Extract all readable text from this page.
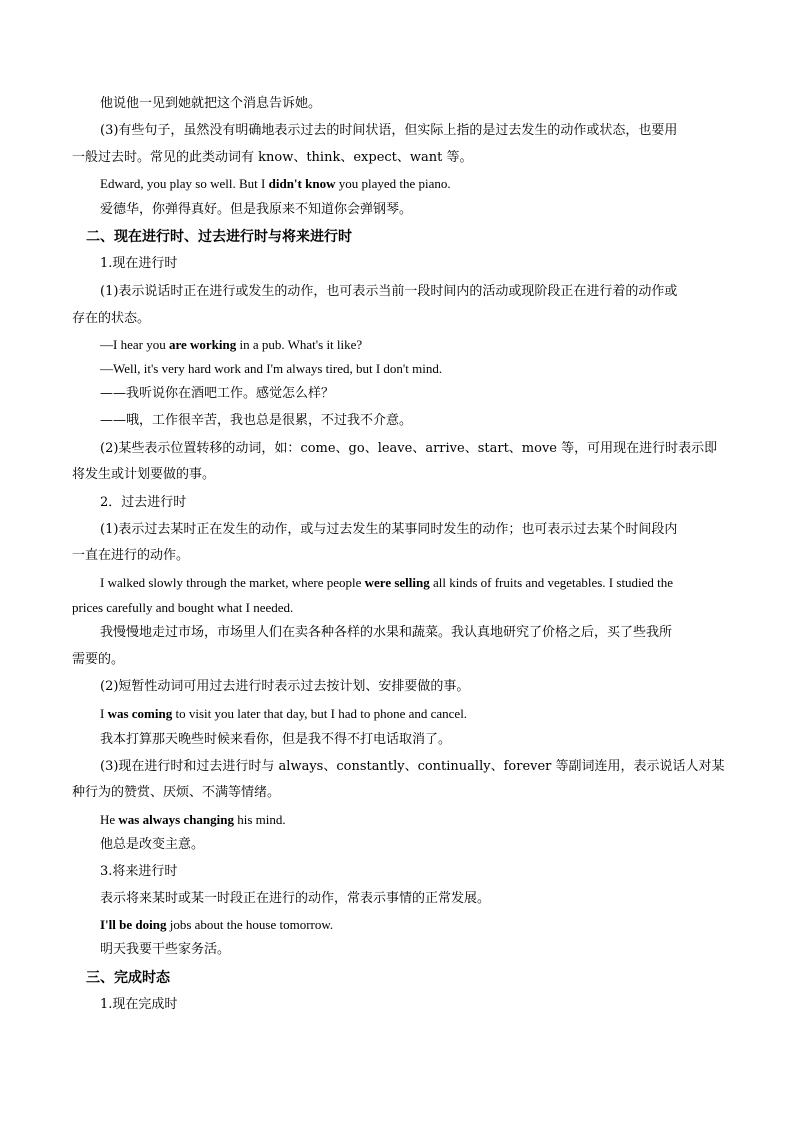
他说他一见到她就把这个消息告诉她。
(3)有些句子，虽然没有明确地表示过去的时间状语，但实际上指的是过去发生的动作或状态，也要用
一般过去时。常见的此类动词有 know、think、expect、want 等。
Edward, you play so well. But I didn't know you played the piano.
爱德华，你弹得真好。但是我原来不知道你会弹钢琴。
二、现在进行时、过去进行时与将来进行时
1.现在进行时
(1)表示说话时正在进行或发生的动作，也可表示当前一段时间内的活动或现阶段正在进行着的动作或
存在的状态。
—I hear you are working in a pub. What's it like?
—Well, it's very hard work and I'm always tired, but I don't mind.
——我听说你在酒吧工作。感觉怎么样？
——哦，工作很辛苦，我也总是很累，不过我不介意。
(2)某些表示位置转移的动词，如：come、go、leave、arrive、start、move 等，可用现在进行时表示即
将发生或计划要做的事。
2．过去进行时
(1)表示过去某时正在发生的动作，或与过去发生的某事同时发生的动作；也可表示过去某个时间段内
一直在进行的动作。
I walked slowly through the market, where people were selling all kinds of fruits and vegetables. I studied the
prices carefully and bought what I needed.
我慢慢地走过市场，市场里人们在卖各种各样的水果和蔬菜。我认真地研究了价格之后，买了些我所
需要的。
(2)短暂性动词可用过去进行时表示过去按计划、安排要做的事。
I was coming to visit you later that day, but I had to phone and cancel.
我本打算那天晚些时候来看你，但是我不得不打电话取消了。
(3)现在进行时和过去进行时与 always、constantly、continually、forever 等副词连用，表示说话人对某
种行为的赞赏、厌烦、不满等情绪。
He was always changing his mind.
他总是改变主意。
3.将来进行时
表示将来某时或某一时段正在进行的动作，常表示事情的正常发展。
I'll be doing jobs about the house tomorrow.
明天我要干些家务活。
三、完成时态
1.现在完成时
